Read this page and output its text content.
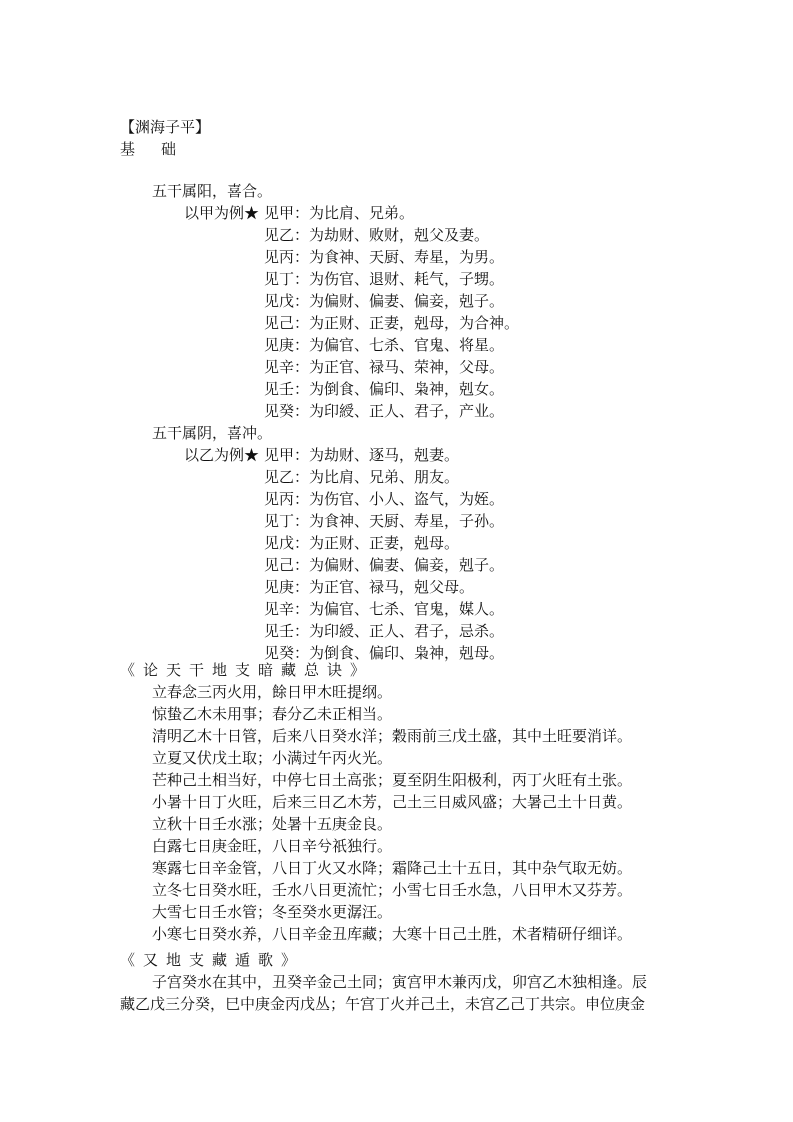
【渊海子平】
基础
五干属阳，喜合。
以甲为例★ 见甲：为比肩、兄弟。
见乙：为劫财、败财，剋父及妻。
见丙：为食神、天厨、寿星，为男。
见丁：为伤官、退财、耗气，子甥。
见戊：为偏财、偏妻、偏妾，剋子。
见己：为正财、正妻，剋母，为合神。
见庚：为偏官、七杀、官鬼、将星。
见辛：为正官、禄马、荣神，父母。
见壬：为倒食、偏印、枭神，剋女。
见癸：为印綬、正人、君子，产业。
五干属阴，喜冲。
以乙为例★ 见甲：为劫财、逐马，剋妻。
见乙：为比肩、兄弟、朋友。
见丙：为伤官、小人、盗气，为姪。
见丁：为食神、天厨、寿星，子孙。
见戊：为正财、正妻，剋母。
见己：为偏财、偏妻、偏妾，剋子。
见庚：为正官、禄马，剋父母。
见辛：为偏官、七杀、官鬼，媒人。
见壬：为印綬、正人、君子，忌杀。
见癸：为倒食、偏印、枭神，剋母。
《论天干地支暗藏总诀》
立春念三丙火用，餘日甲木旺提纲。
惊蛰乙木未用事；春分乙未正相当。
清明乙木十日管，后来八日癸水洋；穀雨前三戊土盛，其中土旺要消详。
立夏又伏戊土取；小满过午丙火光。
芒种己土相当好，中停七日土高张；夏至阴生阳极利，丙丁火旺有土张。
小暑十日丁火旺，后来三日乙木芳，己土三日威风盛；大暑己土十日黄。
立秋十日壬水涨；处暑十五庚金良。
白露七日庚金旺，八日辛兮祇独行。
寒露七日辛金管，八日丁火又水降；霜降己土十五日，其中杂气取无妨。
立冬七日癸水旺，壬水八日更流忙；小雪七日壬水急，八日甲木又芬芳。
大雪七日壬水管；冬至癸水更潺汪。
小寒七日癸水养，八日辛金丑库藏；大寒十日己土胜，术者精研仔细详。
《又地支藏遁歌》
子宫癸水在其中，丑癸辛金己土同；寅宫甲木兼丙戊，卯宫乙木独相逢。辰
藏乙戊三分癸，巳中庚金丙戊丛；午宫丁火并己土，未宫乙己丁共宗。申位庚金
